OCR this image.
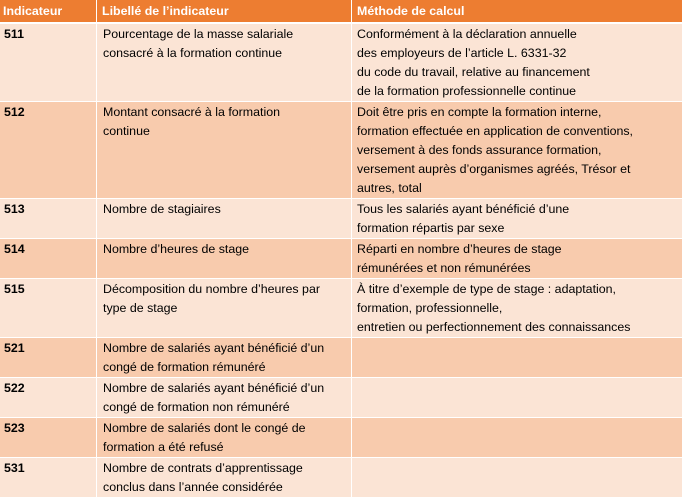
Indicateur	Libellé de l’indicateur	Méthode de calcul
511	Pourcentage de la masse salariale
consacré à la formation continue	Conformément à la déclaration annuelle
des employeurs de l’article L. 6331-32
du code du travail, relative au financement
de la formation professionnelle continue

512	Montant consacré à la formation
continue	Doit être pris en compte la formation interne,
formation effectuée en application de conventions,
versement à des fonds assurance formation,
versement auprès d’organismes agréés, Trésor et
autres, total

513	Nombre de stagiaires	Tous les salariés ayant bénéficié d’une
formation répartis par sexe

514	Nombre d’heures de stage	Réparti en nombre d’heures de stage
rémunérées et non rémunérées

515	Décomposition du nombre d’heures par
type de stage	À titre d’exemple de type de stage : adaptation,
formation, professionnelle,
entretien ou perfectionnement des connaissances

521	Nombre de salariés ayant bénéficié d’un
congé de formation rémunéré	

522	Nombre de salariés ayant bénéficié d’un
congé de formation non rémunéré	

523	Nombre de salariés dont le congé de
formation a été refusé	

531	Nombre de contrats d’apprentissage
conclus dans l’année considérée	
